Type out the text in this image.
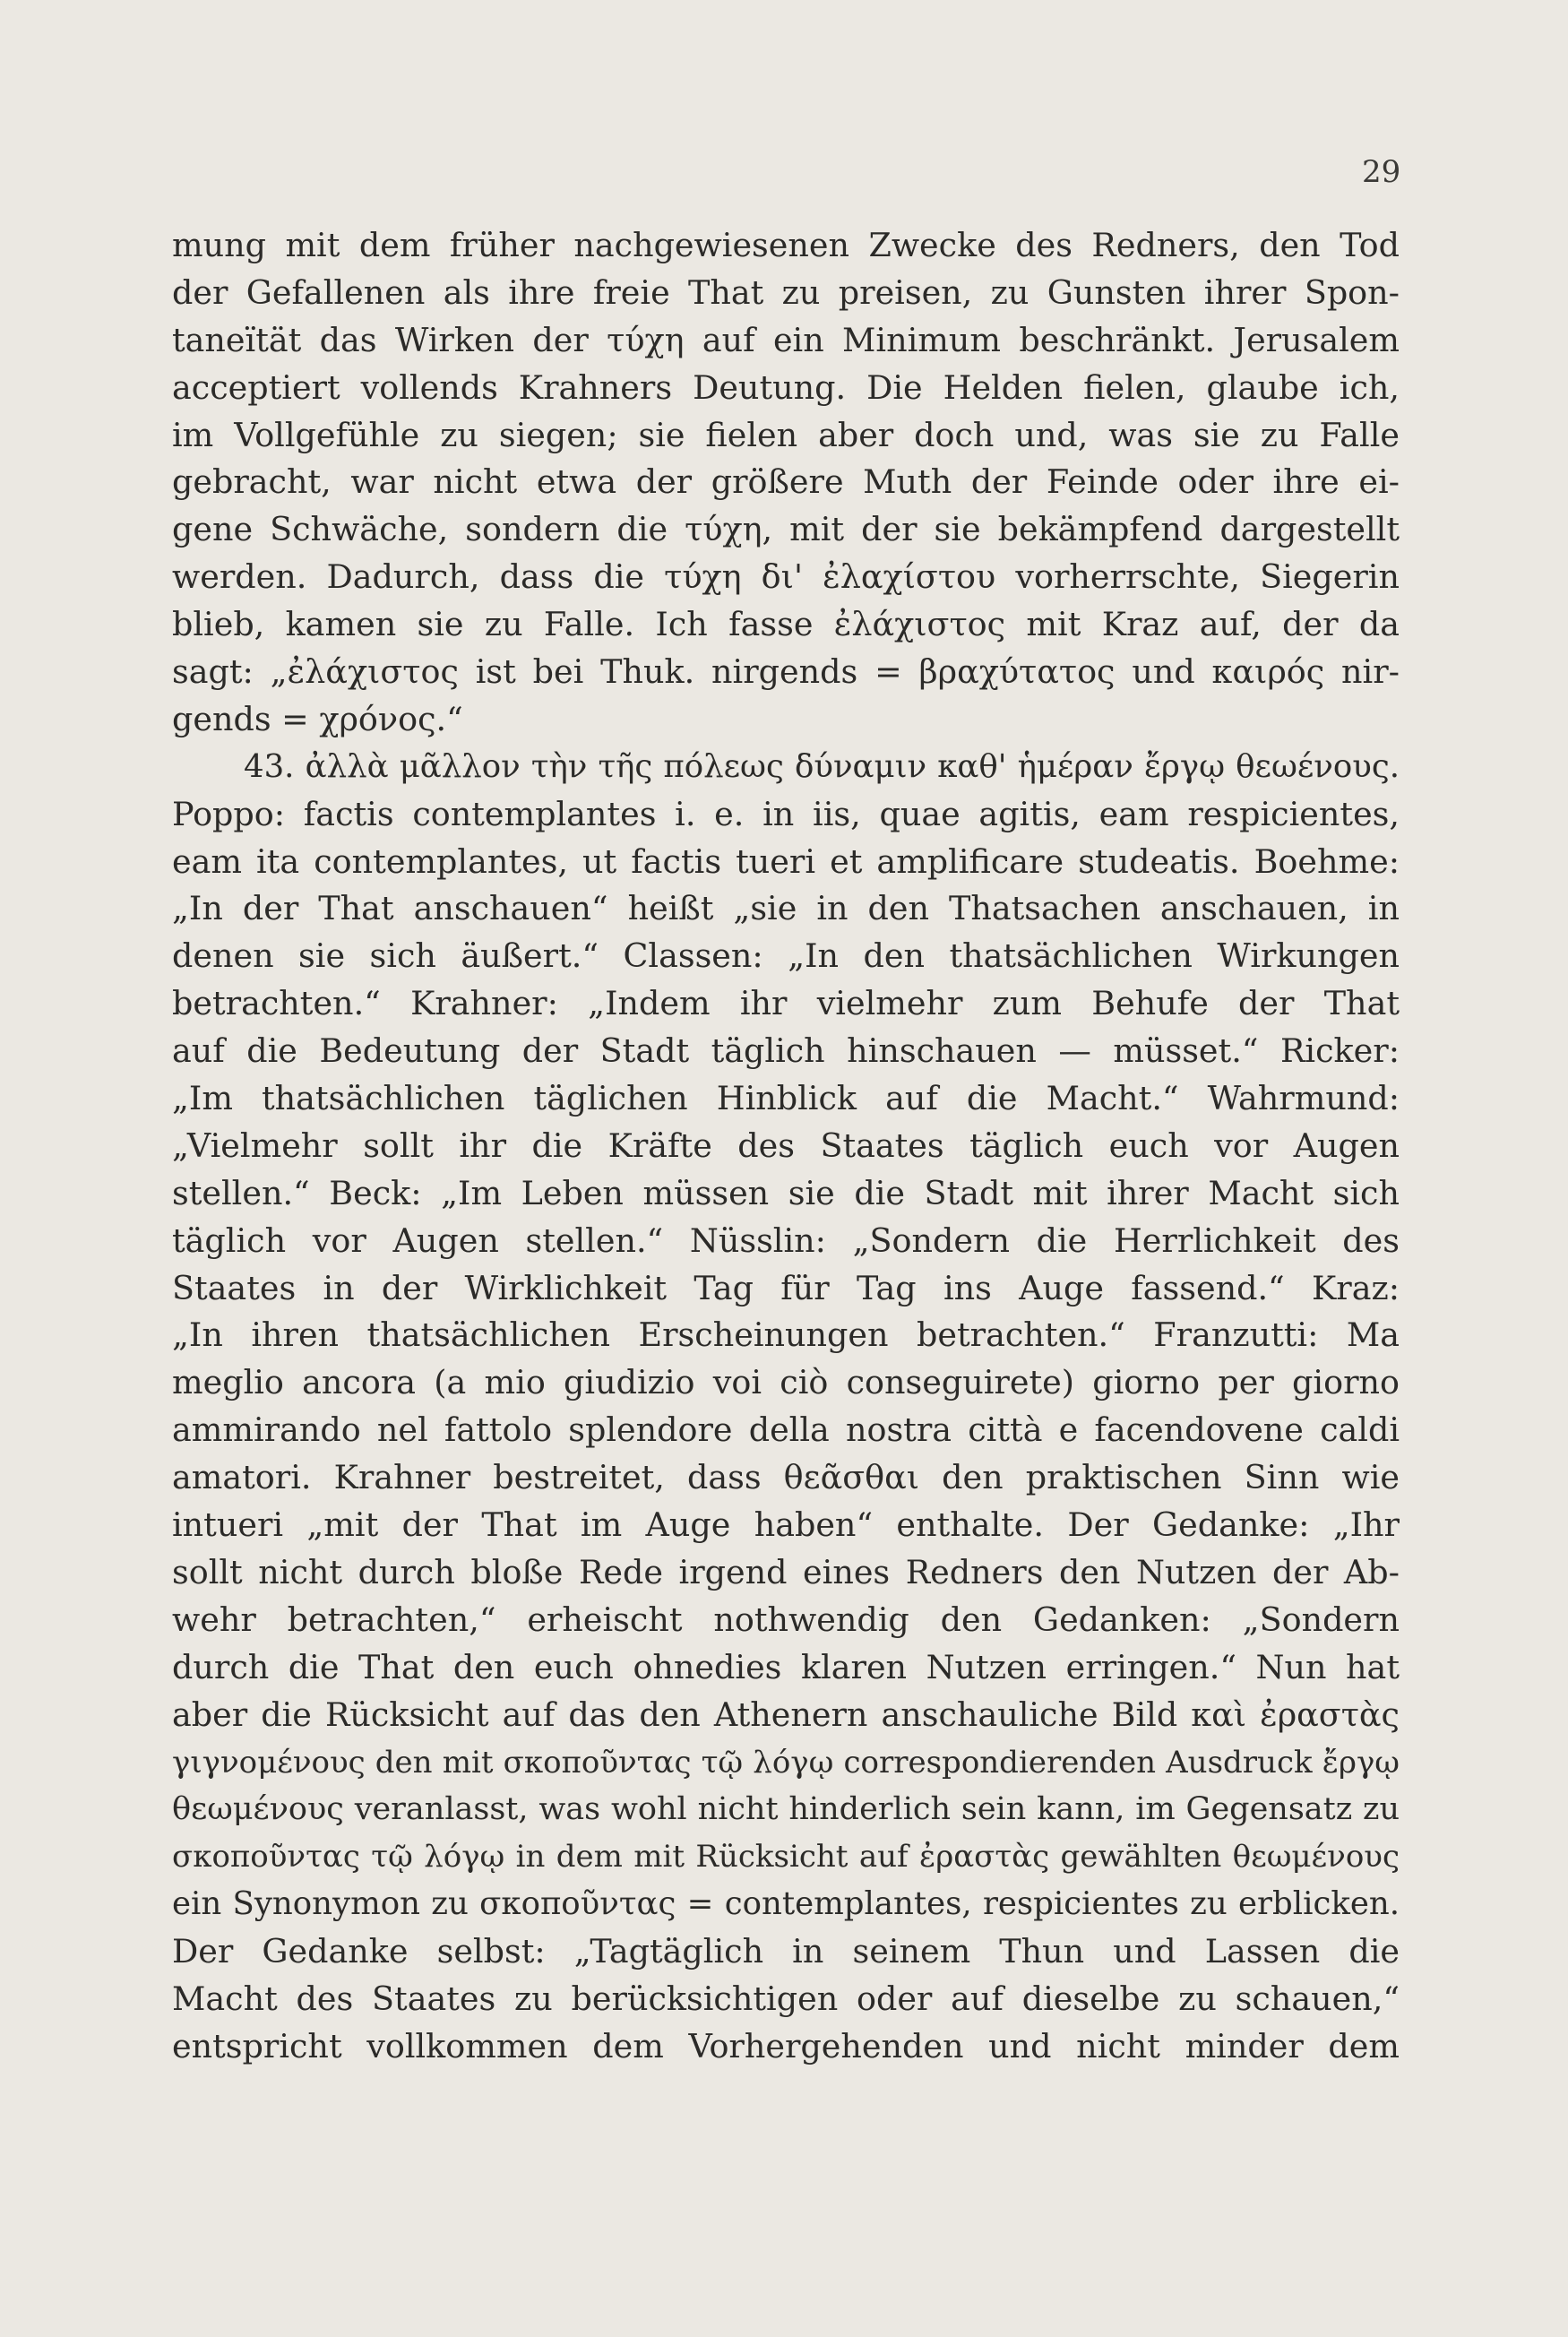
29
mung mit dem früher nachgewiesenen Zwecke des Redners, den Tod
der Gefallenen als ihre freie That zu preisen, zu Gunsten ihrer Spon-
taneïtät das Wirken der τύχη auf ein Minimum beschränkt. Jerusalem
acceptiert vollends Krahners Deutung. Die Helden fielen, glaube ich,
im Vollgefühle zu siegen; sie fielen aber doch und, was sie zu Falle
gebracht, war nicht etwa der größere Muth der Feinde oder ihre ei-
gene Schwäche, sondern die τύχη, mit der sie bekämpfend dargestellt
werden. Dadurch, dass die τύχη δι' ἐλαχίστου vorherrschte, Siegerin
blieb, kamen sie zu Falle. Ich fasse ἐλάχιστος mit Kraz auf, der da
sagt: „ἐλάχιστος ist bei Thuk. nirgends = βραχύτατος und καιρός nir-
gends = χρόνος.“
43. ἀλλὰ μᾶλλον τὴν τῆς πόλεως δύναμιν καθ' ἡμέραν ἔργῳ θεωένους.
Poppo: factis contemplantes i. e. in iis, quae agitis, eam respicientes,
eam ita contemplantes, ut factis tueri et amplificare studeatis. Boehme:
„In der That anschauen“ heißt „sie in den Thatsachen anschauen, in
denen sie sich äußert.“ Classen: „In den thatsächlichen Wirkungen
betrachten.“ Krahner: „Indem ihr vielmehr zum Behufe der That
auf die Bedeutung der Stadt täglich hinschauen — müsset.“ Ricker:
„Im thatsächlichen täglichen Hinblick auf die Macht.“ Wahrmund:
„Vielmehr sollt ihr die Kräfte des Staates täglich euch vor Augen
stellen.“ Beck: „Im Leben müssen sie die Stadt mit ihrer Macht sich
täglich vor Augen stellen.“ Nüsslin: „Sondern die Herrlichkeit des
Staates in der Wirklichkeit Tag für Tag ins Auge fassend.“ Kraz:
„In ihren thatsächlichen Erscheinungen betrachten.“ Franzutti: Ma
meglio ancora (a mio giudizio voi ciò conseguirete) giorno per giorno
ammirando nel fattolo splendore della nostra città e facendovene caldi
amatori. Krahner bestreitet, dass θεᾶσθαι den praktischen Sinn wie
intueri „mit der That im Auge haben“ enthalte. Der Gedanke: „Ihr
sollt nicht durch bloße Rede irgend eines Redners den Nutzen der Ab-
wehr betrachten,“ erheischt nothwendig den Gedanken: „Sondern
durch die That den euch ohnedies klaren Nutzen erringen.“ Nun hat
aber die Rücksicht auf das den Athenern anschauliche Bild καὶ ἐραστὰς
γιγνομένους den mit σκοποῦντας τῷ λόγῳ correspondierenden Ausdruck ἔργῳ
θεωμένους veranlasst, was wohl nicht hinderlich sein kann, im Gegensatz zu
σκοποῦντας τῷ λόγῳ in dem mit Rücksicht auf ἐραστὰς gewählten θεωμένους
ein Synonymon zu σκοποῦντας = contemplantes, respicientes zu erblicken.
Der Gedanke selbst: „Tagtäglich in seinem Thun und Lassen die
Macht des Staates zu berücksichtigen oder auf dieselbe zu schauen,“
entspricht vollkommen dem Vorhergehenden und nicht minder dem
